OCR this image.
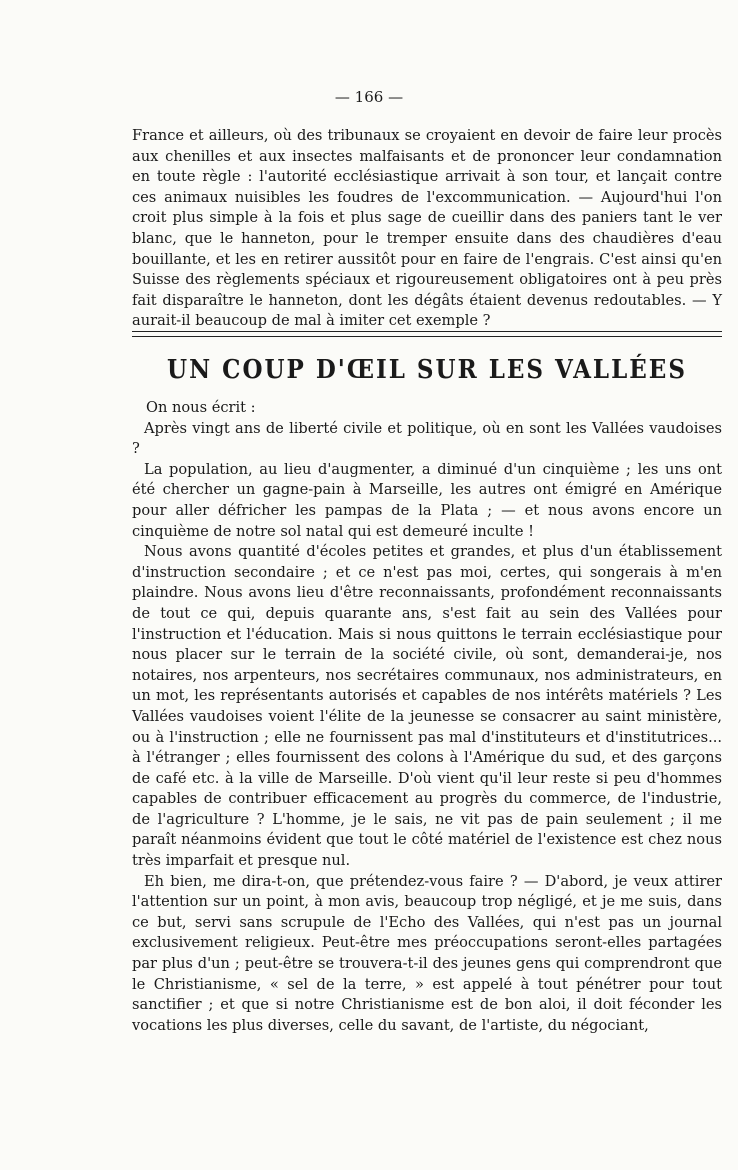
— 166 —

France et ailleurs, où des tribunaux se croyaient en devoir de faire leur procès aux chenilles et aux insectes malfaisants et de prononcer leur condamnation en toute règle : l'autorité ecclésiastique arrivait à son tour, et lançait contre ces animaux nuisibles les foudres de l'excommunication. — Aujourd'hui l'on croit plus simple à la fois et plus sage de cueillir dans des paniers tant le ver blanc, que le hanneton, pour le tremper ensuite dans des chaudières d'eau bouillante, et les en retirer aussitôt pour en faire de l'engrais. C'est ainsi qu'en Suisse des règlements spéciaux et rigoureusement obligatoires ont à peu près fait disparaître le hanneton, dont les dégâts étaient devenus redoutables. — Y aurait-il beaucoup de mal à imiter cet exemple ?

UN COUP D'ŒIL SUR LES VALLÉES

On nous écrit :

Après vingt ans de liberté civile et politique, où en sont les Vallées vaudoises ?

La population, au lieu d'augmenter, a diminué d'un cinquième ; les uns ont été chercher un gagne-pain à Marseille, les autres ont émigré en Amérique pour aller défricher les pampas de la Plata ; — et nous avons encore un cinquième de notre sol natal qui est demeuré inculte !

Nous avons quantité d'écoles petites et grandes, et plus d'un établissement d'instruction secondaire ; et ce n'est pas moi, certes, qui songerais à m'en plaindre. Nous avons lieu d'être reconnaissants, profondément reconnaissants de tout ce qui, depuis quarante ans, s'est fait au sein des Vallées pour l'instruction et l'éducation. Mais si nous quittons le terrain ecclésiastique pour nous placer sur le terrain de la société civile, où sont, demanderai-je, nos notaires, nos arpenteurs, nos secrétaires communaux, nos administrateurs, en un mot, les représentants autorisés et capables de nos intérêts matériels ? Les Vallées vaudoises voient l'élite de la jeunesse se consacrer au saint ministère, ou à l'instruction ; elle ne fournissent pas mal d'instituteurs et d'institutrices... à l'étranger ; elles fournissent des colons à l'Amérique du sud, et des garçons de café etc. à la ville de Marseille. D'où vient qu'il leur reste si peu d'hommes capables de contribuer efficacement au progrès du commerce, de l'industrie, de l'agriculture ? L'homme, je le sais, ne vit pas de pain seulement ; il me paraît néanmoins évident que tout le côté matériel de l'existence est chez nous très imparfait et presque nul.

Eh bien, me dira-t-on, que prétendez-vous faire ? — D'abord, je veux attirer l'attention sur un point, à mon avis, beaucoup trop négligé, et je me suis, dans ce but, servi sans scrupule de l'Echo des Vallées, qui n'est pas un journal exclusivement religieux. Peut-être mes préoccupations seront-elles partagées par plus d'un ; peut-être se trouvera-t-il des jeunes gens qui comprendront que le Christianisme, « sel de la terre, » est appelé à tout pénétrer pour tout sanctifier ; et que si notre Christianisme est de bon aloi, il doit féconder les vocations les plus diverses, celle du savant, de l'artiste, du négociant,
